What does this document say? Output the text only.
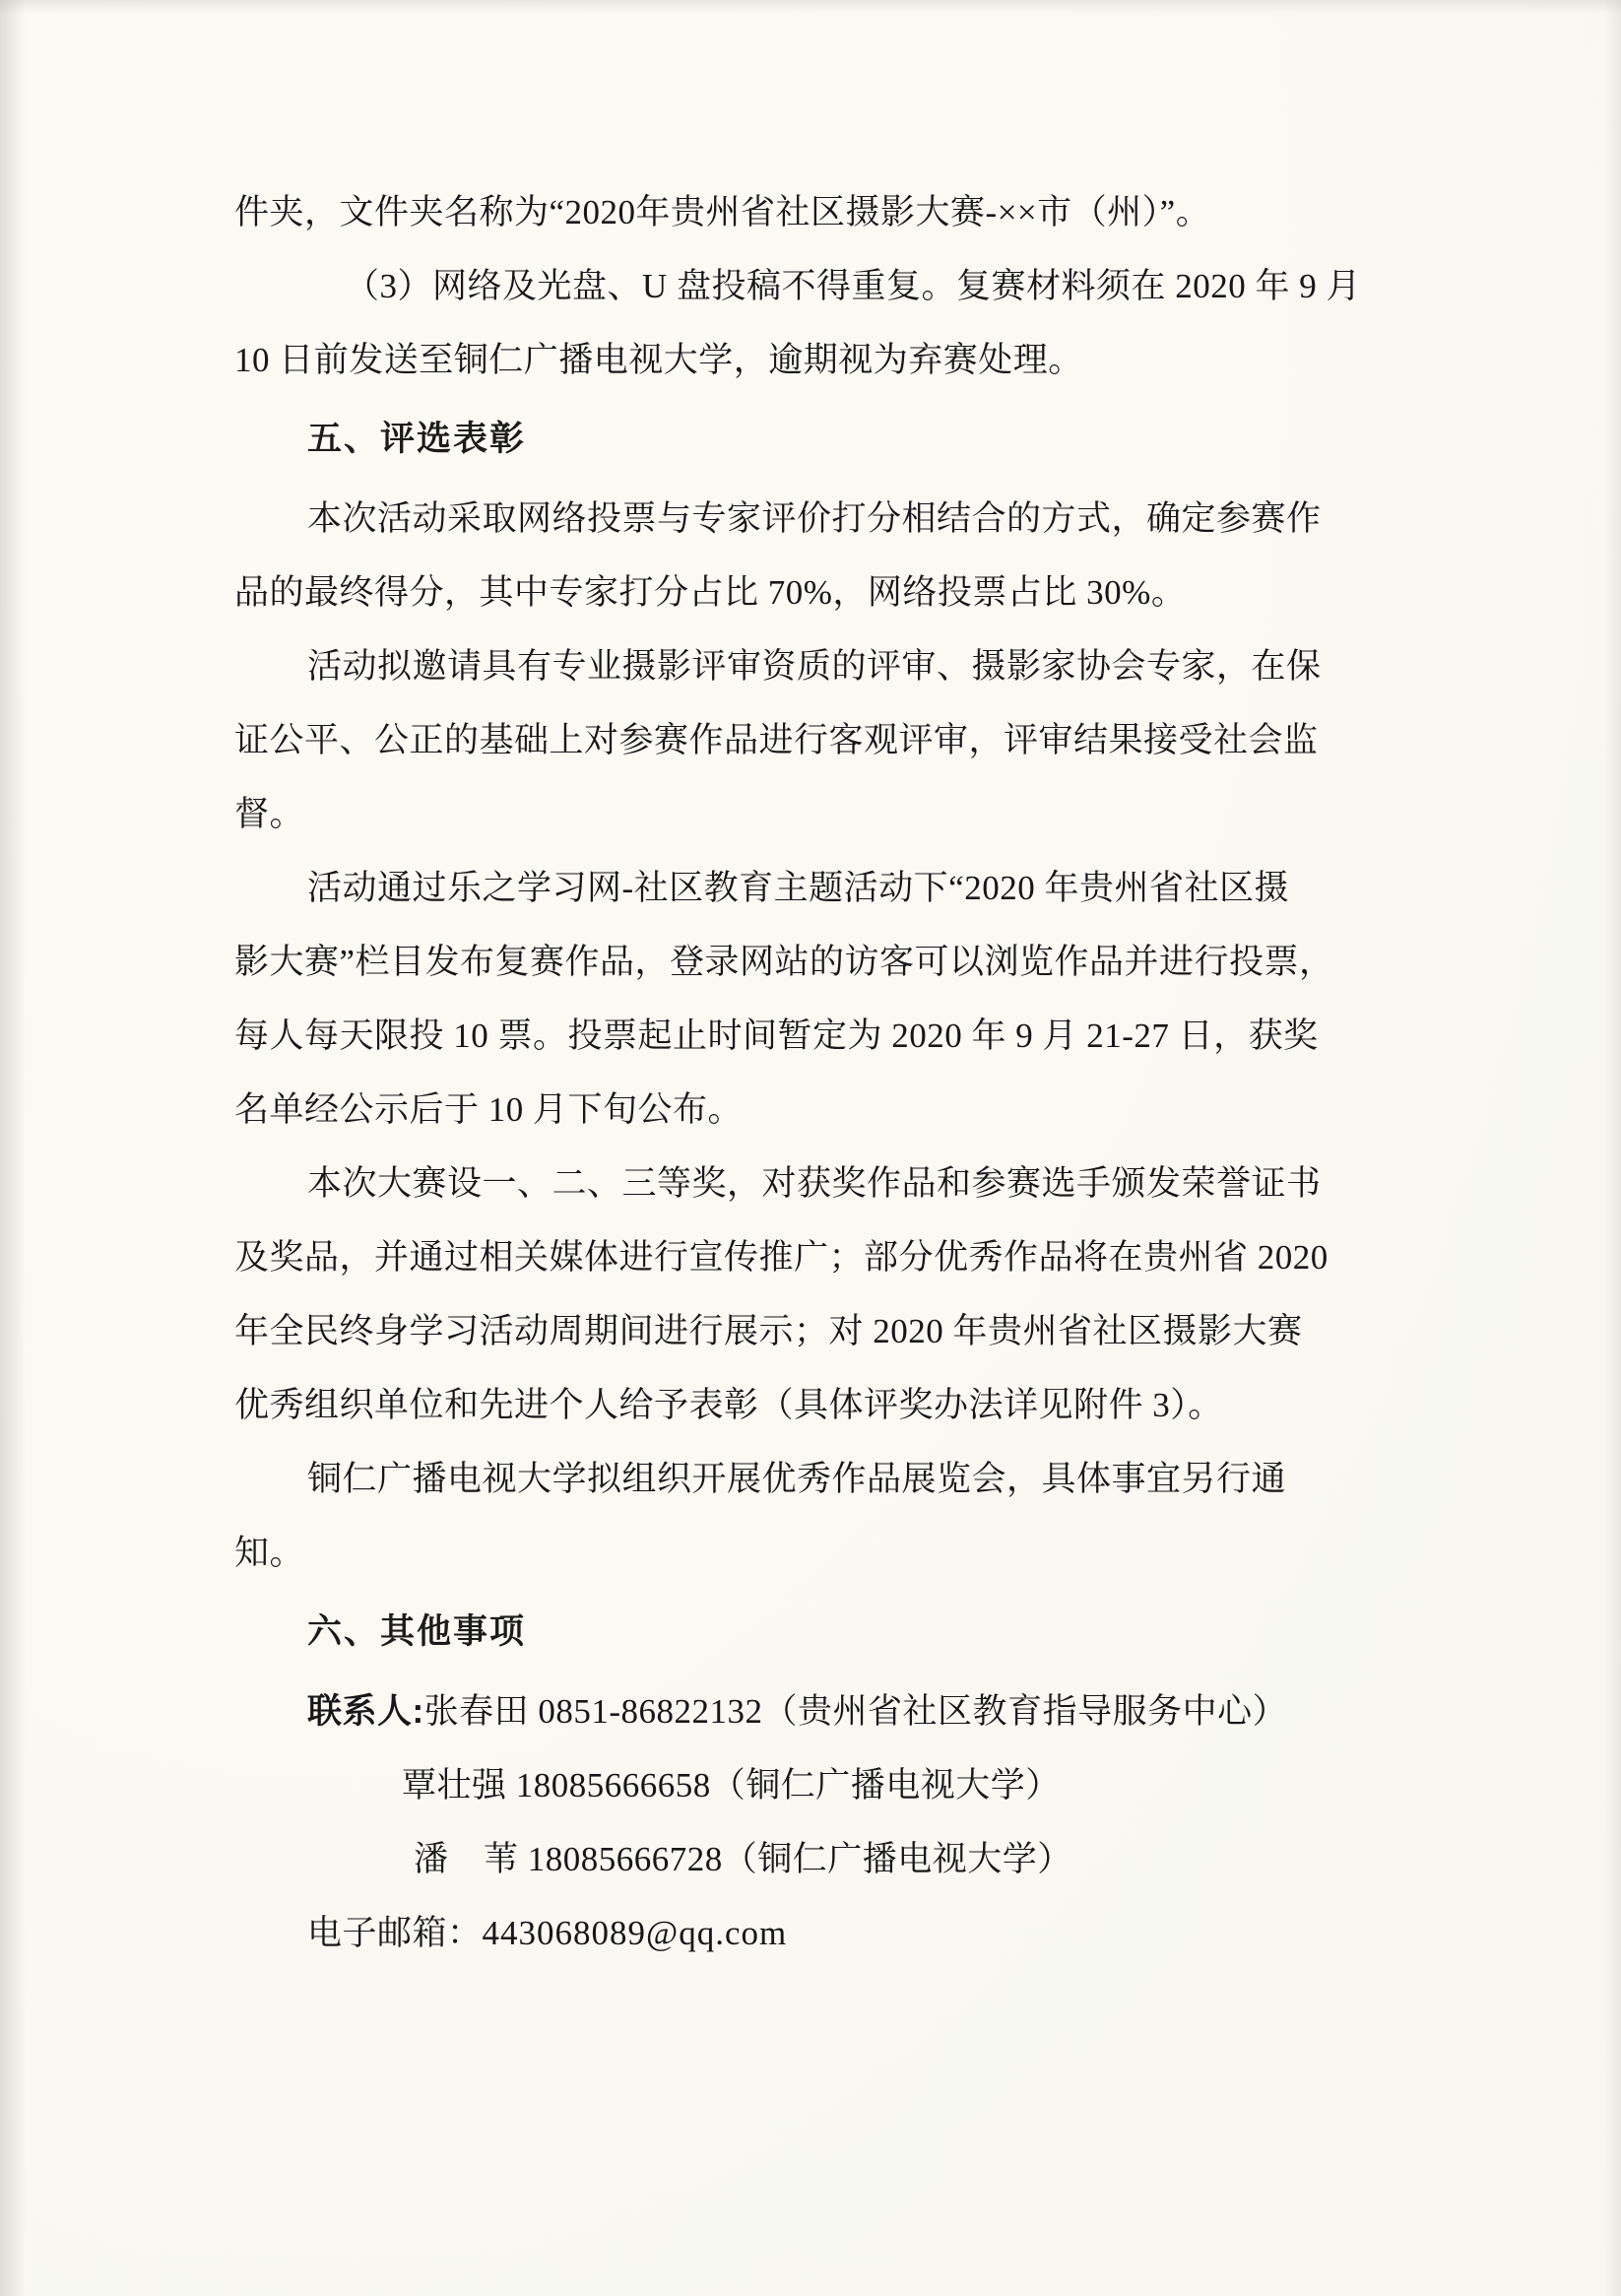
件夹，文件夹名称为“2020年贵州省社区摄影大赛-××市（州）”。
（3）网络及光盘、U 盘投稿不得重复。复赛材料须在 2020 年 9 月
10 日前发送至铜仁广播电视大学，逾期视为弃赛处理。
五、评选表彰
本次活动采取网络投票与专家评价打分相结合的方式，确定参赛作
品的最终得分，其中专家打分占比 70%，网络投票占比 30%。
活动拟邀请具有专业摄影评审资质的评审、摄影家协会专家，在保
证公平、公正的基础上对参赛作品进行客观评审，评审结果接受社会监
督。
活动通过乐之学习网-社区教育主题活动下“2020 年贵州省社区摄
影大赛”栏目发布复赛作品，登录网站的访客可以浏览作品并进行投票，
每人每天限投 10 票。投票起止时间暂定为 2020 年 9 月 21-27 日，获奖
名单经公示后于 10 月下旬公布。
本次大赛设一、二、三等奖，对获奖作品和参赛选手颁发荣誉证书
及奖品，并通过相关媒体进行宣传推广；部分优秀作品将在贵州省 2020
年全民终身学习活动周期间进行展示；对 2020 年贵州省社区摄影大赛
优秀组织单位和先进个人给予表彰（具体评奖办法详见附件 3）。
铜仁广播电视大学拟组织开展优秀作品展览会，具体事宜另行通
知。
六、其他事项
联系人:张春田 0851-86822132（贵州省社区教育指导服务中心）
覃壮强 18085666658（铜仁广播电视大学）
潘　苇 18085666728（铜仁广播电视大学）
电子邮箱：443068089@qq.com
